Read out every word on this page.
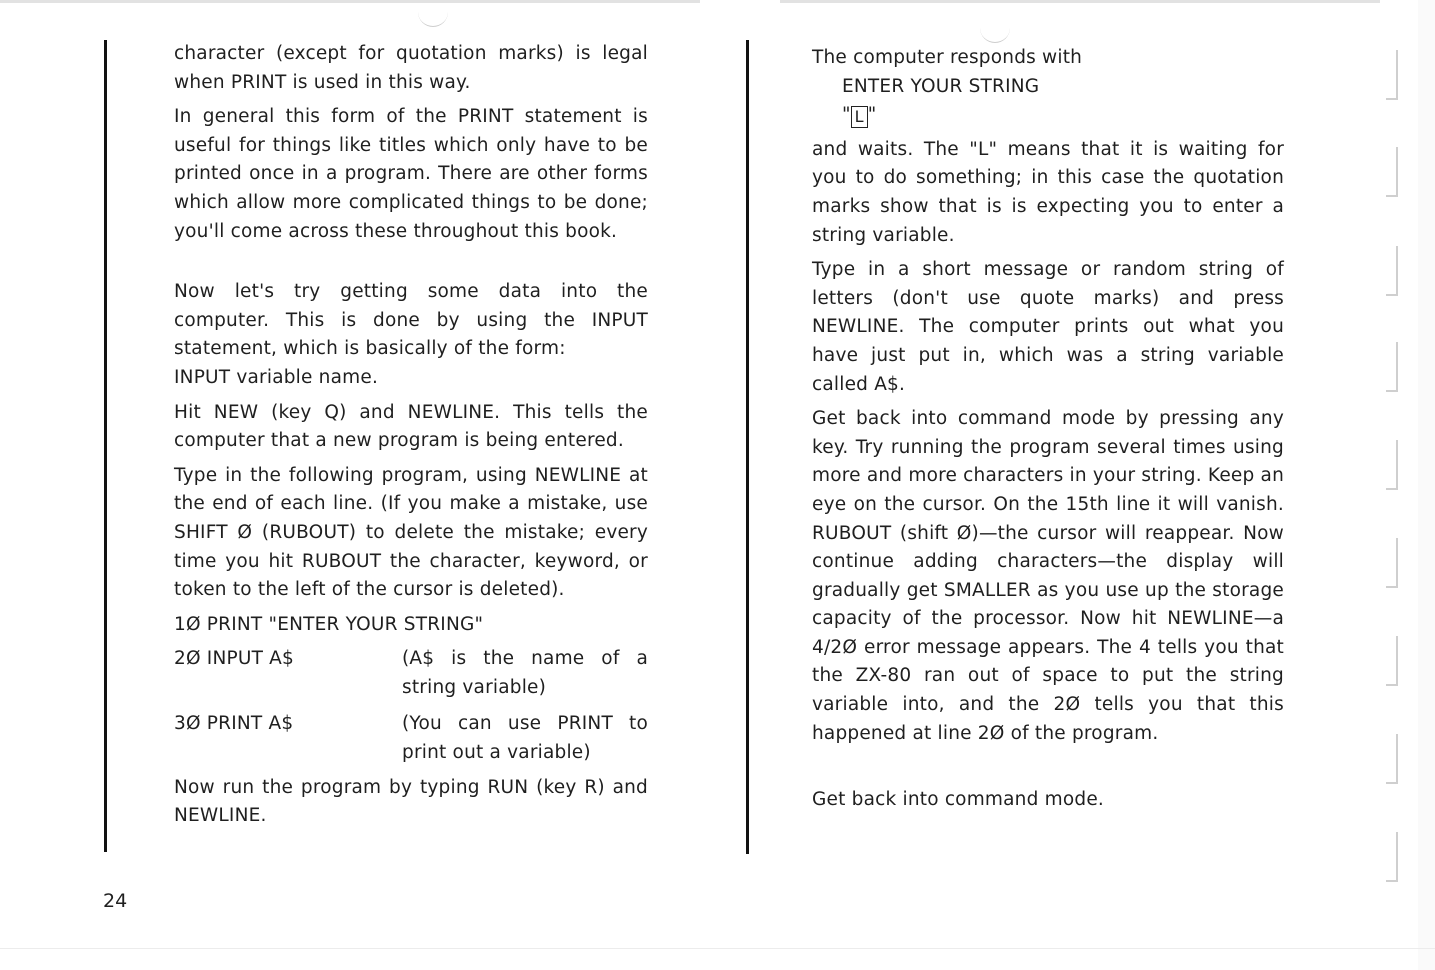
character (except for quotation marks) is legal when PRINT is used in this way.

In general this form of the PRINT statement is useful for things like titles which only have to be printed once in a program. There are other forms which allow more complicated things to be done; you'll come across these throughout this book.

Now let's try getting some data into the computer. This is done by using the INPUT statement, which is basically of the form:

INPUT variable name.

Hit NEW (key Q) and NEWLINE. This tells the computer that a new program is being entered.

Type in the following program, using NEWLINE at the end of each line. (If you make a mistake, use SHIFT Ø (RUBOUT) to delete the mistake; every time you hit RUBOUT the character, keyword, or token to the left of the cursor is deleted).

1Ø PRINT "ENTER YOUR STRING"
2Ø INPUT A$	(A$ is the name of a string variable)
3Ø PRINT A$	(You can use PRINT to print out a variable)

Now run the program by typing RUN (key R) and NEWLINE.

24

The computer responds with

ENTER YOUR STRING
" L "

and waits. The "L" means that it is waiting for you to do something; in this case the quotation marks show that is is expecting you to enter a string variable.

Type in a short message or random string of letters (don't use quote marks) and press NEWLINE. The computer prints out what you have just put in, which was a string variable called A$.

Get back into command mode by pressing any key. Try running the program several times using more and more characters in your string. Keep an eye on the cursor. On the 15th line it will vanish. RUBOUT (shift Ø)—the cursor will reappear. Now continue adding characters—the display will gradually get SMALLER as you use up the storage capacity of the processor. Now hit NEWLINE—a 4/2Ø error message appears. The 4 tells you that the ZX-80 ran out of space to put the string variable into, and the 2Ø tells you that this happened at line 2Ø of the program.

Get back into command mode.
